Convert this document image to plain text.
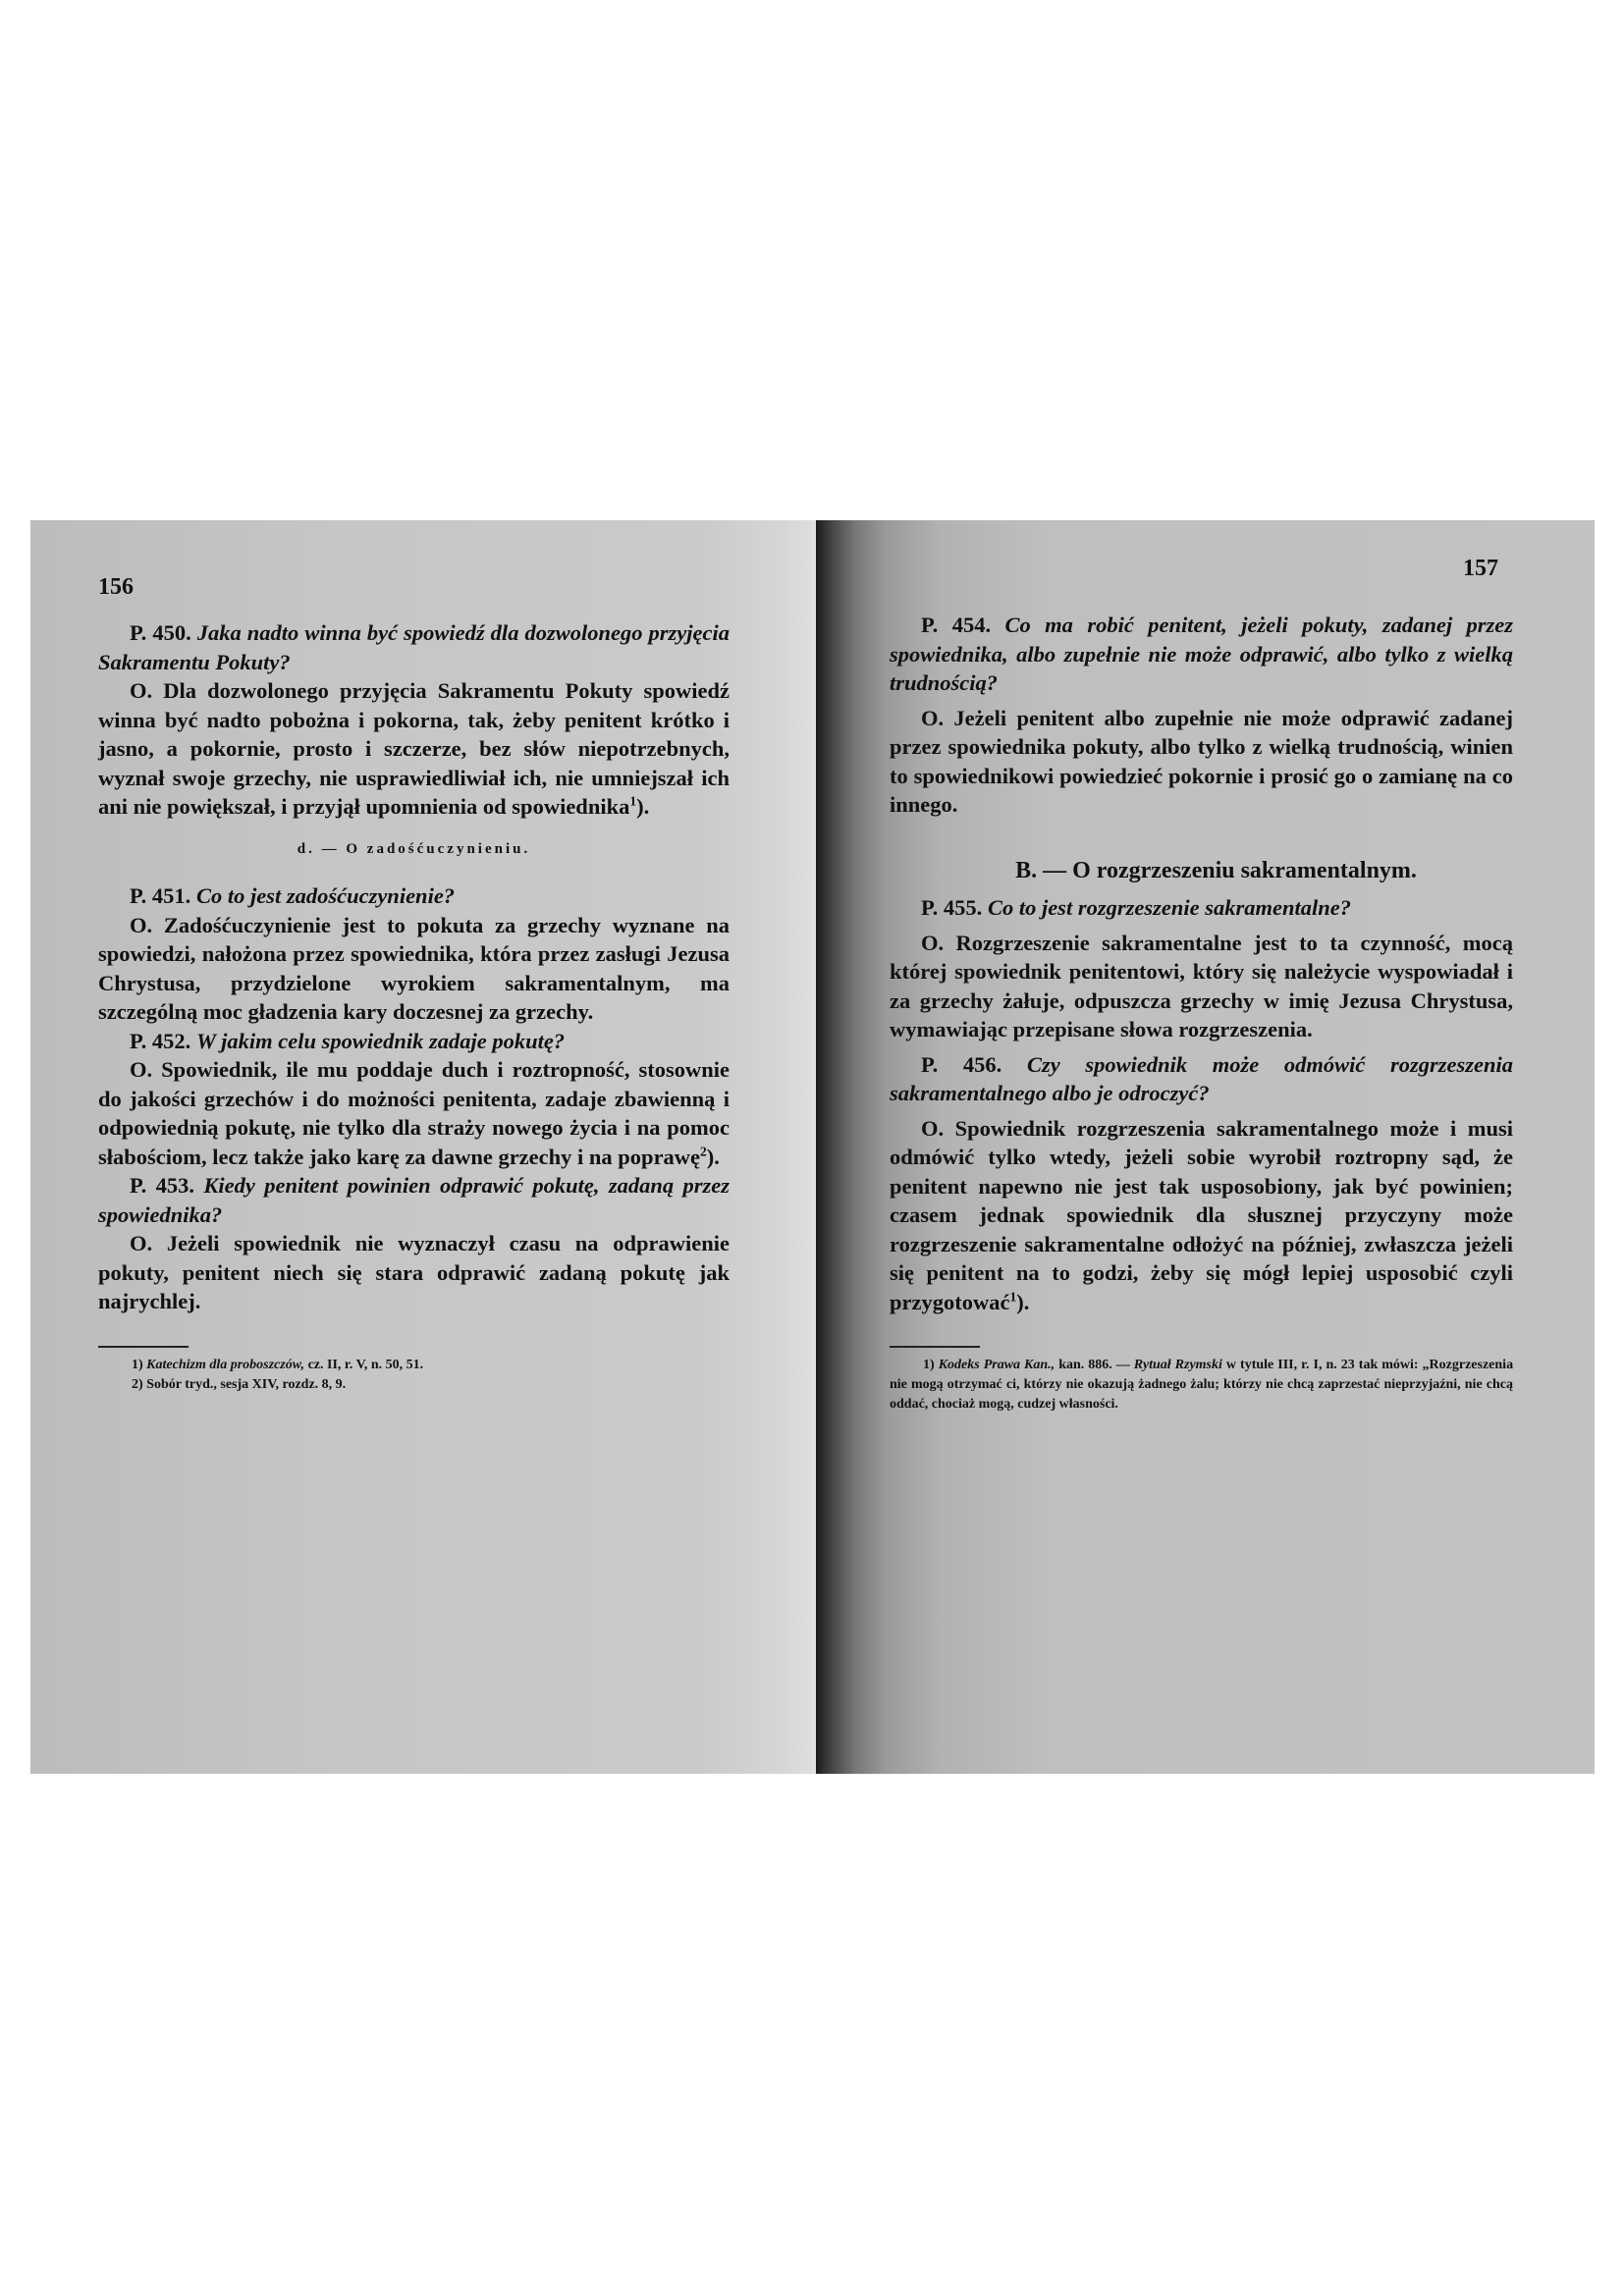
156

P. 450. Jaka nadto winna być spowiedź dla dozwolonego przyjęcia Sakramentu Pokuty?

O. Dla dozwolonego przyjęcia Sakramentu Pokuty spowiedź winna być nadto pobożna i pokorna, tak, żeby penitent krótko i jasno, a pokornie, prosto i szczerze, bez słów niepotrzebnych, wyznał swoje grzechy, nie usprawiedliwiał ich, nie umniejszał ich ani nie powiększał, i przyjął upomnienia od spowiednika$^1$).

d. — O zadośćuczynieniu.

P. 451. Co to jest zadośćuczynienie?

O. Zadośćuczynienie jest to pokuta za grzechy wyznane na spowiedzi, nałożona przez spowiednika, która przez zasługi Jezusa Chrystusa, przydzielone wyrokiem sakramentalnym, ma szczególną moc gładzenia kary doczesnej za grzechy.

P. 452. W jakim celu spowiednik zadaje pokutę?

O. Spowiednik, ile mu poddaje duch i roztropność, stosownie do jakości grzechów i do możności penitenta, zadaje zbawienną i odpowiednią pokutę, nie tylko dla straży nowego życia i na pomoc słabościom, lecz także jako karę za dawne grzechy i na poprawę$^2$).

P. 453. Kiedy penitent powinien odprawić pokutę, zadaną przez spowiednika?

O. Jeżeli spowiednik nie wyznaczył czasu na odprawienie pokuty, penitent niech się stara odprawić zadaną pokutę jak najrychlej.

1) Katechizm dla proboszczów, cz. II, r. V, n. 50, 51.

2) Sobór tryd., sesja XIV, rozdz. 8, 9.

157

P. 454. Co ma robić penitent, jeżeli pokuty, zadanej przez spowiednika, albo zupełnie nie może odprawić, albo tylko z wielką trudnością?

O. Jeżeli penitent albo zupełnie nie może odprawić zadanej przez spowiednika pokuty, albo tylko z wielką trudnością, winien to spowiednikowi powiedzieć pokornie i prosić go o zamianę na co innego.

B. — O rozgrzeszeniu sakramentalnym.

P. 455. Co to jest rozgrzeszenie sakramentalne?

O. Rozgrzeszenie sakramentalne jest to ta czynność, mocą której spowiednik penitentowi, który się należycie wyspowiadał i za grzechy żałuje, odpuszcza grzechy w imię Jezusa Chrystusa, wymawiając przepisane słowa rozgrzeszenia.

P. 456. Czy spowiednik może odmówić rozgrzeszenia sakramentalnego albo je odroczyć?

O. Spowiednik rozgrzeszenia sakramentalnego może i musi odmówić tylko wtedy, jeżeli sobie wyrobił roztropny sąd, że penitent napewno nie jest tak usposobiony, jak być powinien; czasem jednak spowiednik dla słusznej przyczyny może rozgrzeszenie sakramentalne odłożyć na później, zwłaszcza jeżeli się penitent na to godzi, żeby się mógł lepiej usposobić czyli przygotować$^1$).

1) Kodeks Prawa Kan., kan. 886. — Rytuał Rzymski w tytule III, r. I, n. 23 tak mówi: „Rozgrzeszenia nie mogą otrzymać ci, którzy nie okazują żadnego żalu; którzy nie chcą zaprzestać nieprzyjaźni, nie chcą oddać, chociaż mogą, cudzej własności.
